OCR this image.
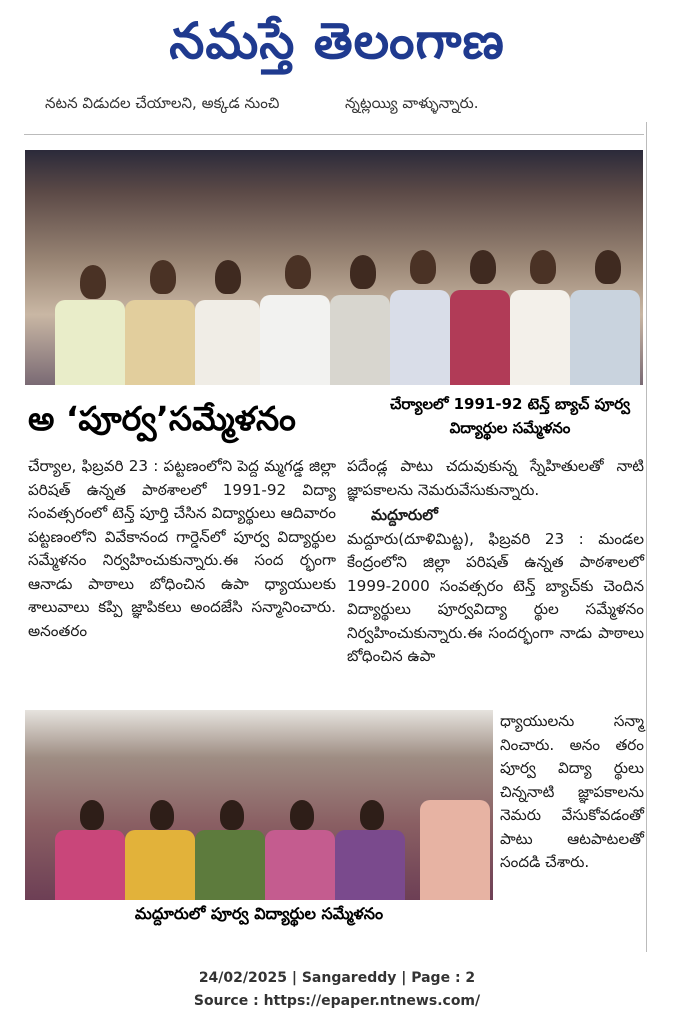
నమస్తే తెలంగాణ
నటన విడుదల చేయాలని, అక్కడ నుంచి	న్నట్లయ్యి వాళ్ళున్నారు.
అ ‘పూర్వ’సమ్మేళనం	చేర్యాలలో 1991-92 టెన్త్ బ్యాచ్ పూర్వ విద్యార్థుల సమ్మేళనం

చేర్యాల, ఫిబ్రవరి 23 : పట్టణంలోని పెద్ద మ్మగడ్డ జిల్లా పరిషత్ ఉన్నత పాఠశాలలో 1991-92 విద్యా సంవత్సరంలో టెన్త్ పూర్తి చేసిన విద్యార్థులు ఆదివారం పట్టణంలోని వివేకానంద గార్డెన్‌లో పూర్వ విద్యార్థుల సమ్మేళనం నిర్వహించుకున్నారు.ఈ సంద ర్భంగా ఆనాడు పాఠాలు బోధించిన ఉపా ధ్యాయులకు శాలువాలు కప్పి జ్ఞాపికలు అందజేసి సన్మానించారు. అనంతరం

పదేండ్ల పాటు చదువుకున్న స్నేహితులతో నాటి జ్ఞాపకాలను నెమరువేసుకున్నారు.

మద్దూరులో

మద్దూరు(దూళిమిట్ట), ఫిబ్రవరి 23 : మండల కేంద్రంలోని జిల్లా పరిషత్ ఉన్నత పాఠశాలలో 1999-2000 సంవత్సరం టెన్త్ బ్యాచ్‌కు చెందిన విద్యార్థులు పూర్వవిద్యా ర్థుల సమ్మేళనం నిర్వహించుకున్నారు.ఈ సందర్భంగా నాడు పాఠాలు బోధించిన ఉపా

ధ్యాయులను సన్మా నించారు. అనం తరం పూర్వ విద్యా ర్థులు చిన్ననాటి జ్ఞాపకాలను నెమరు వేసుకోవడంతో పాటు ఆటపాటలతో సందడి చేశారు.
మద్దూరులో పూర్వ విద్యార్థుల సమ్మేళనం
24/02/2025 | Sangareddy | Page : 2
Source : https://epaper.ntnews.com/
